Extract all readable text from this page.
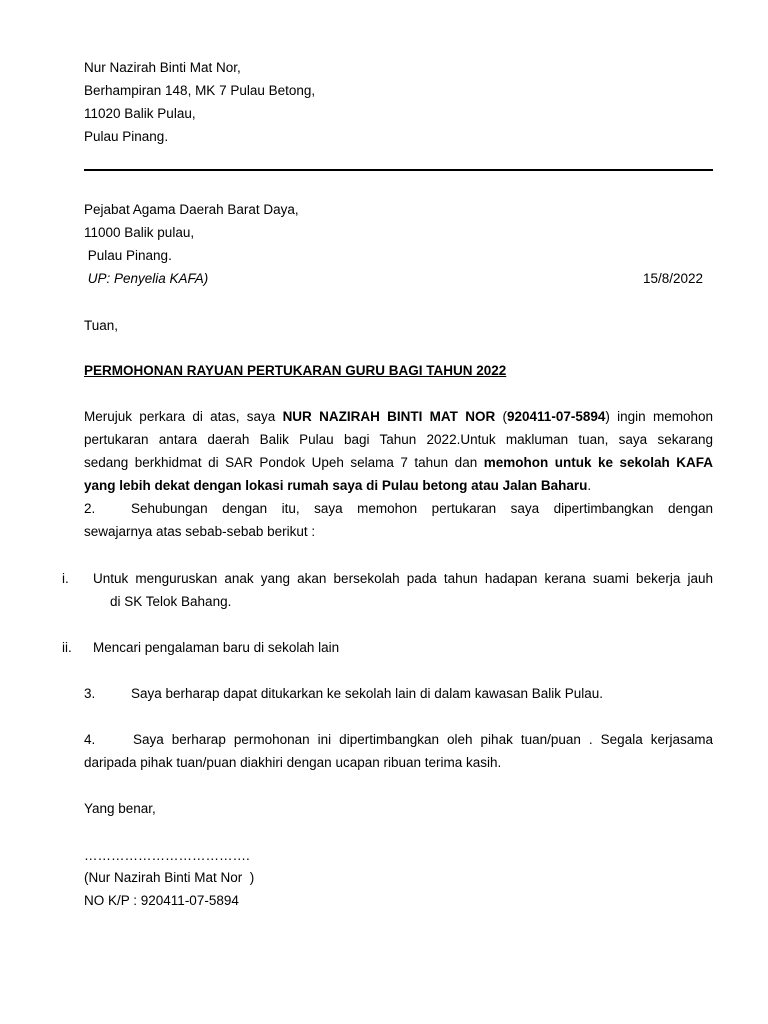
Nur Nazirah Binti Mat Nor,
Berhampiran 148, MK 7 Pulau Betong,
11020 Balik Pulau,
Pulau Pinang.
Pejabat Agama Daerah Barat Daya,
11000 Balik pulau,
Pulau Pinang.
UP: Penyelia KAFA)	15/8/2022
Tuan,
PERMOHONAN RAYUAN PERTUKARAN GURU BAGI TAHUN 2022
Merujuk perkara di atas, saya NUR NAZIRAH BINTI MAT NOR (920411-07-5894) ingin memohon
pertukaran antara daerah Balik Pulau bagi Tahun 2022.Untuk makluman tuan, saya sekarang
sedang berkhidmat di SAR Pondok Upeh selama 7 tahun dan memohon untuk ke sekolah KAFA
yang lebih dekat dengan lokasi rumah saya di Pulau betong atau Jalan Baharu.
2.	Sehubungan dengan itu, saya memohon pertukaran saya dipertimbangkan dengan
sewajarnya atas sebab-sebab berikut :
i. Untuk menguruskan anak yang akan bersekolah pada tahun hadapan kerana suami bekerja jauh
di SK Telok Bahang.
ii. Mencari pengalaman baru di sekolah lain
3.	Saya berharap dapat ditukarkan ke sekolah lain di dalam kawasan Balik Pulau.
4.	Saya berharap permohonan ini dipertimbangkan oleh pihak tuan/puan . Segala kerjasama
daripada pihak tuan/puan diakhiri dengan ucapan ribuan terima kasih.
Yang benar,
……………………………….
(Nur Nazirah Binti Mat Nor  )
NO K/P : 920411-07-5894
